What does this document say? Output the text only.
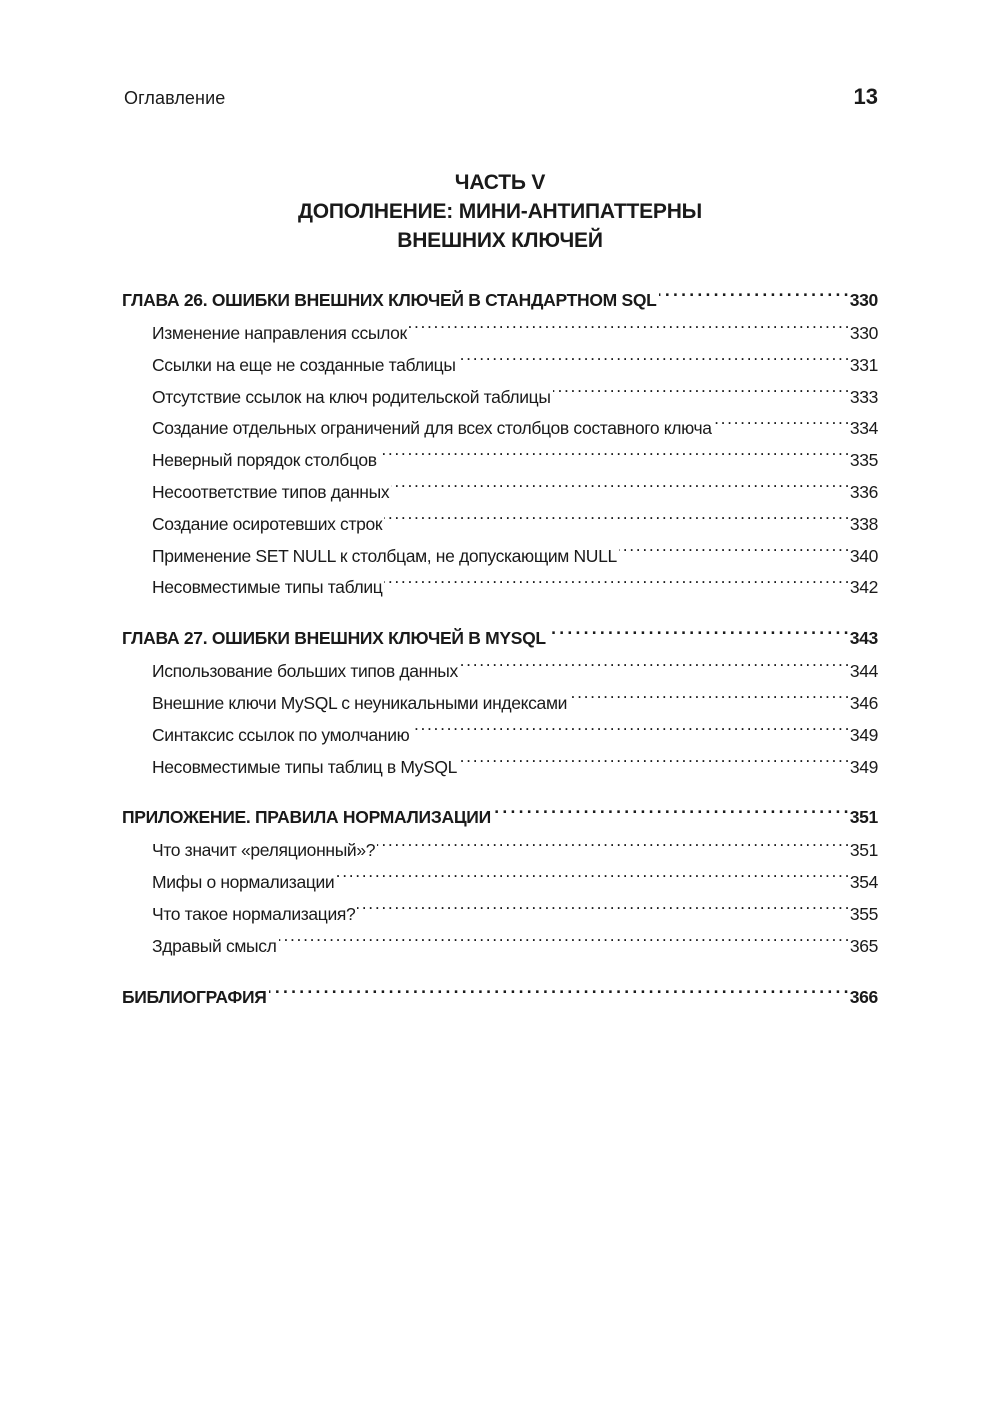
Оглавление	13
ЧАСТЬ V
ДОПОЛНЕНИЕ: МИНИ-АНТИПАТТЕРНЫ
ВНЕШНИХ КЛЮЧЕЙ
ГЛАВА 26. ОШИБКИ ВНЕШНИХ КЛЮЧЕЙ В СТАНДАРТНОМ SQL . . .	330
Изменение направления ссылок . . .	330
Ссылки на еще не созданные таблицы . . .	331
Отсутствие ссылок на ключ родительской таблицы . . .	333
Создание отдельных ограничений для всех столбцов составного ключа . . .	334
Неверный порядок столбцов . . .	335
Несоответствие типов данных . . .	336
Создание осиротевших строк . . .	338
Применение SET NULL к столбцам, не допускающим NULL . . .	340
Несовместимые типы таблиц . . .	342
ГЛАВА 27. ОШИБКИ ВНЕШНИХ КЛЮЧЕЙ В MYSQL . . .	343
Использование больших типов данных . . .	344
Внешние ключи MySQL с неуникальными индексами . . .	346
Синтаксис ссылок по умолчанию . . .	349
Несовместимые типы таблиц в MySQL . . .	349
ПРИЛОЖЕНИЕ. ПРАВИЛА НОРМАЛИЗАЦИИ . . .	351
Что значит «реляционный»? . . .	351
Мифы о нормализации . . .	354
Что такое нормализация? . . .	355
Здравый смысл . . .	365
БИБЛИОГРАФИЯ . . .	366
